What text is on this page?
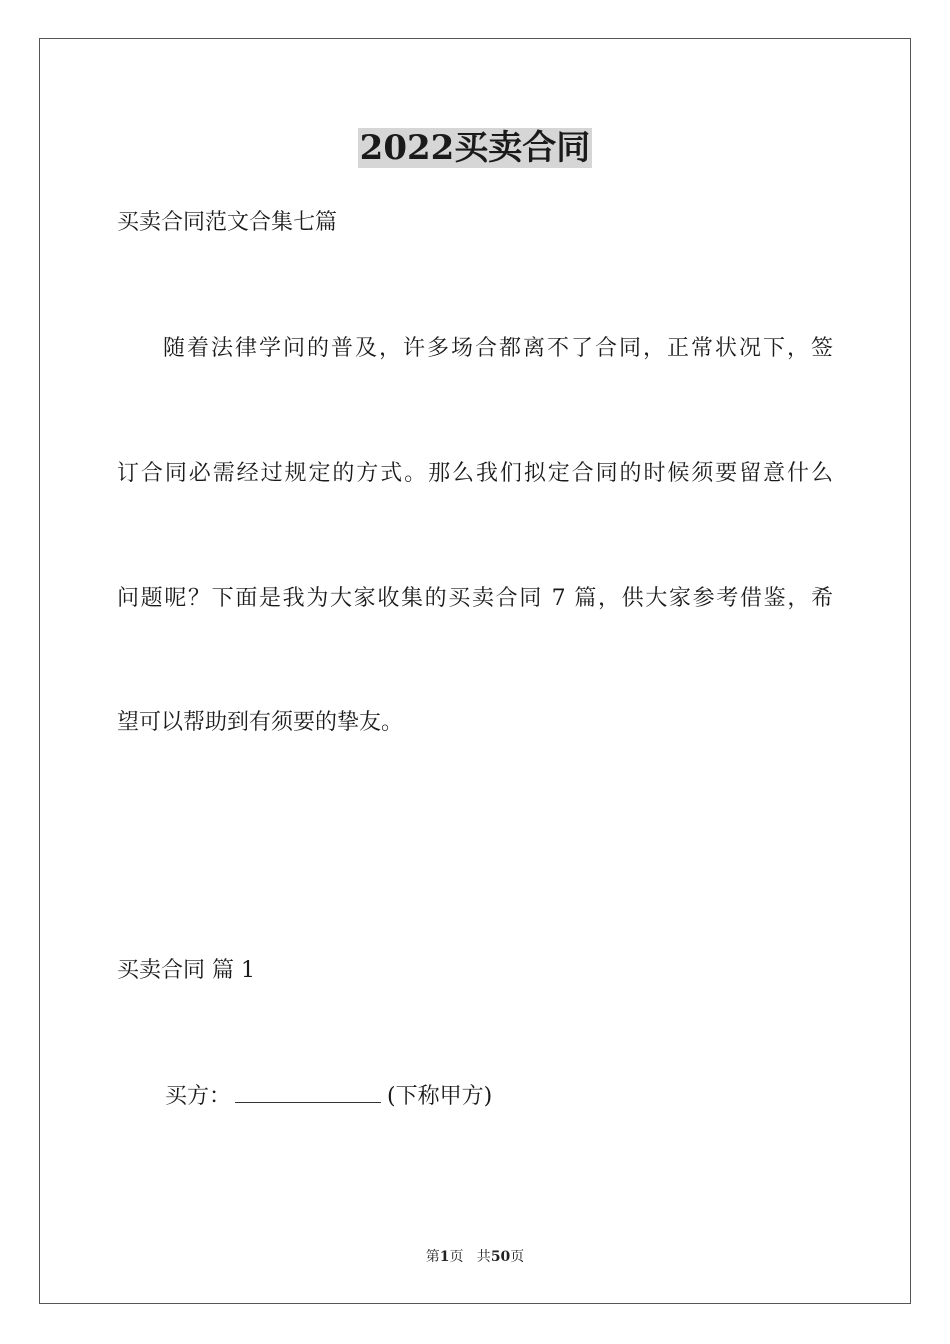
2022买卖合同

买卖合同范文合集七篇

随着法律学问的普及，许多场合都离不了合同，正常状况下，签

订合同必需经过规定的方式。那么我们拟定合同的时候须要留意什么

问题呢？下面是我为大家收集的买卖合同 7 篇，供大家参考借鉴，希

望可以帮助到有须要的挚友。

买卖合同 篇 1

买方：	(下称甲方)

第1页   共50页
